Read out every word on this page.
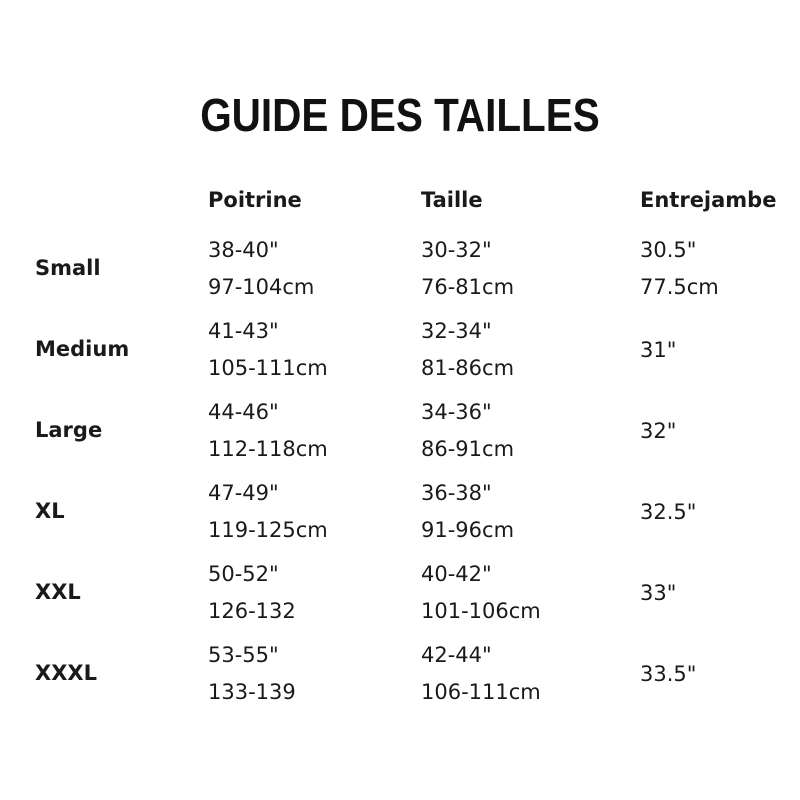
GUIDE DES TAILLES
Poitrine	Taille	Entrejambe
Small
38-40"
97-104cm
30-32"
76-81cm
30.5"
77.5cm
Medium
41-43"
105-111cm
32-34"
81-86cm
31"
Large
44-46"
112-118cm
34-36"
86-91cm
32"
XL
47-49"
119-125cm
36-38"
91-96cm
32.5"
XXL
50-52"
126-132
40-42"
101-106cm
33"
XXXL
53-55"
133-139
42-44"
106-111cm
33.5"
